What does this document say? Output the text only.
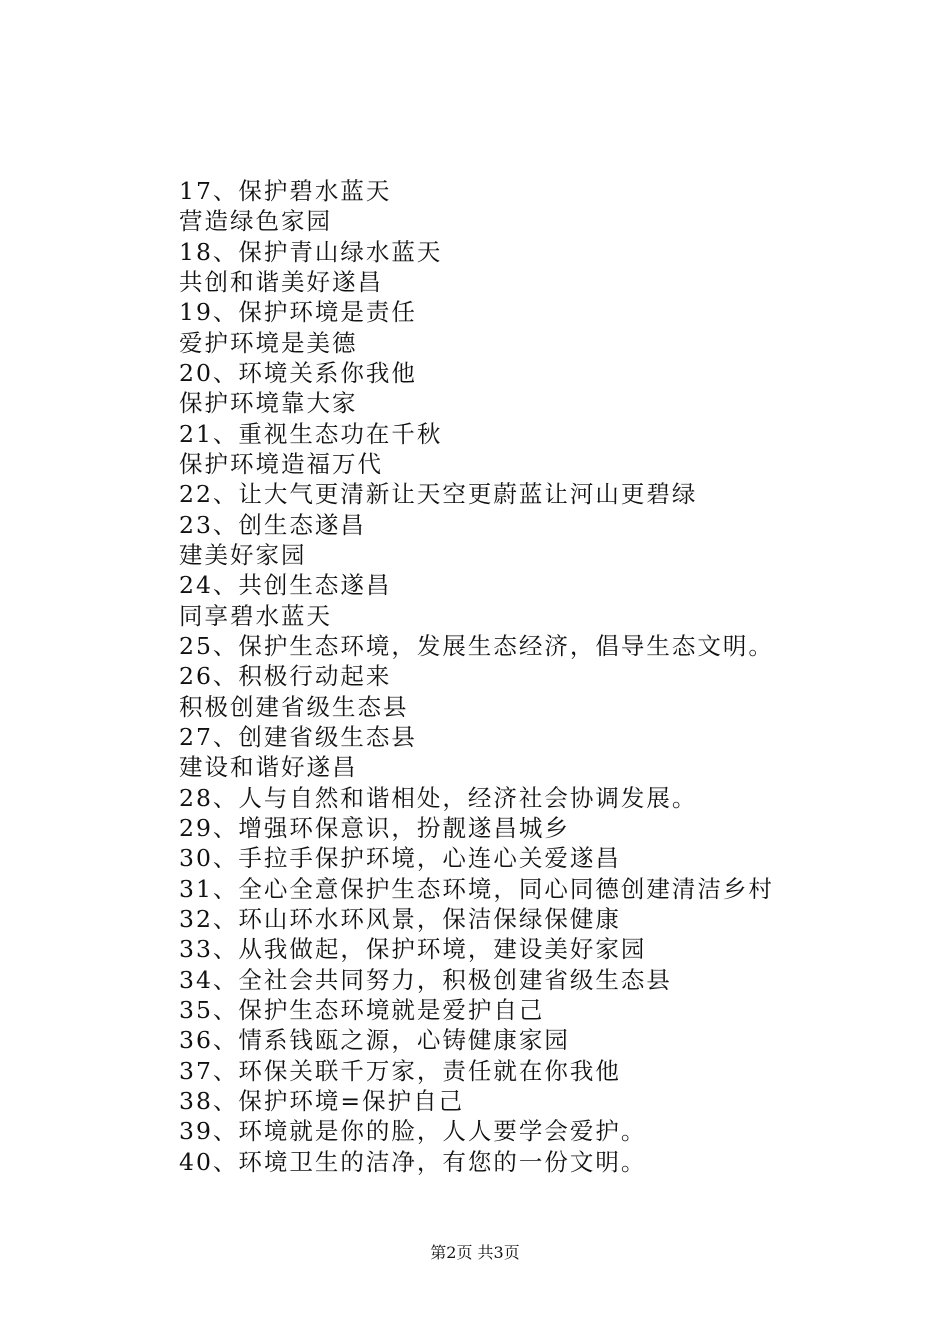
17、保护碧水蓝天
营造绿色家园
18、保护青山绿水蓝天
共创和谐美好遂昌
19、保护环境是责任
爱护环境是美德
20、环境关系你我他
保护环境靠大家
21、重视生态功在千秋
保护环境造福万代
22、让大气更清新让天空更蔚蓝让河山更碧绿
23、创生态遂昌
建美好家园
24、共创生态遂昌
同享碧水蓝天
25、保护生态环境，发展生态经济，倡导生态文明。
26、积极行动起来
积极创建省级生态县
27、创建省级生态县
建设和谐好遂昌
28、人与自然和谐相处，经济社会协调发展。
29、增强环保意识，扮靓遂昌城乡
30、手拉手保护环境，心连心关爱遂昌
31、全心全意保护生态环境，同心同德创建清洁乡村
32、环山环水环风景，保洁保绿保健康
33、从我做起，保护环境，建设美好家园
34、全社会共同努力，积极创建省级生态县
35、保护生态环境就是爱护自己
36、情系钱瓯之源，心铸健康家园
37、环保关联千万家，责任就在你我他
38、保护环境=保护自己
39、环境就是你的脸，人人要学会爱护。
40、环境卫生的洁净，有您的一份文明。
第2页 共3页
